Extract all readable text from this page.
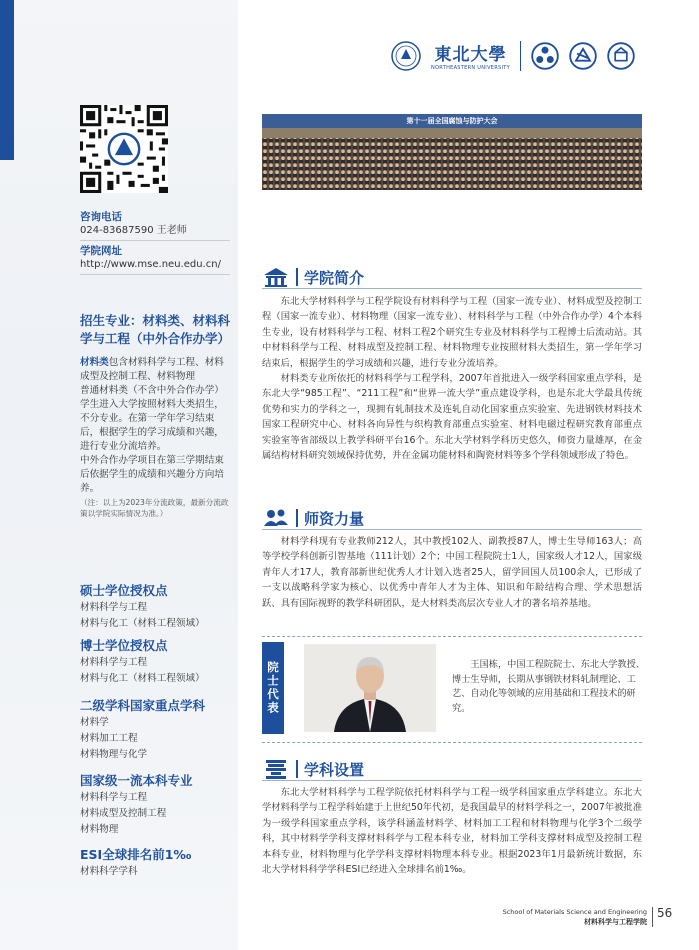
咨询电话
024-83687590 王老师
学院网址
http://www.mse.neu.edu.cn/
招生专业：材料类、材料科学与工程（中外合作办学）
材料类包含材料科学与工程、材料成型及控制工程、材料物理
普通材料类（不含中外合作办学）学生进入大学按照材料大类招生，不分专业。在第一学年学习结束后，根据学生的学习成绩和兴趣，进行专业分流培养。
中外合作办学项目在第三学期结束后依据学生的成绩和兴趣分方向培养。
（注：以上为2023年分流政策，最新分流政策以学院实际情况为准。）
硕士学位授权点
材料科学与工程
材料与化工（材料工程领域）
博士学位授权点
材料科学与工程
材料与化工（材料工程领域）
二级学科国家重点学科
材料学
材料加工工程
材料物理与化学
国家级一流本科专业
材料科学与工程
材料成型及控制工程
材料物理
ESI全球排名前1‰
材料科学学科
東北大學
NORTHEASTERN UNIVERSITY
第十一届全国腐蚀与防护大会
学院简介

东北大学材料科学与工程学院设有材料科学与工程（国家一流专业）、材料成型及控制工程（国家一流专业）、材料物理（国家一流专业）、材料科学与工程（中外合作办学）4个本科生专业，设有材料科学与工程、材料工程2个研究生专业及材料科学与工程博士后流动站。其中材料科学与工程、材料成型及控制工程、材料物理专业按照材料大类招生，第一学年学习结束后，根据学生的学习成绩和兴趣，进行专业分流培养。

材料类专业所依托的材料科学与工程学科，2007年首批进入一级学科国家重点学科，是东北大学“985工程”、“211工程”和“世界一流大学”重点建设学科，也是东北大学最具传统优势和实力的学科之一，现拥有轧制技术及连轧自动化国家重点实验室、先进钢铁材料技术国家工程研究中心、材料各向异性与织构教育部重点实验室、材料电磁过程研究教育部重点实验室等省部级以上教学科研平台16个。东北大学材料学科历史悠久，师资力量雄厚，在金属结构材料研究领域保持优势，并在金属功能材料和陶瓷材料等多个学科领域形成了特色。

师资力量

材料学科现有专业教师212人，其中教授102人、副教授87人，博士生导师163人；高等学校学科创新引智基地（111计划）2个；中国工程院院士1人，国家级人才12人，国家级青年人才17人，教育部新世纪优秀人才计划入选者25人，留学回国人员100余人，已形成了一支以战略科学家为核心、以优秀中青年人才为主体、知识和年龄结构合理、学术思想活跃、具有国际视野的教学科研团队，是大材料类高层次专业人才的著名培养基地。

院士代表	王国栋，中国工程院院士、东北大学教授、博士生导师，长期从事钢铁材料轧制理论、工艺、自动化等领域的应用基础和工程技术的研究。

学科设置

东北大学材料科学与工程学院依托材料科学与工程一级学科国家重点学科建立。东北大学材料科学与工程学科始建于上世纪50年代初，是我国最早的材料学科之一，2007年被批准为一级学科国家重点学科，该学科涵盖材料学、材料加工工程和材料物理与化学3个二级学科，其中材料学学科支撑材料科学与工程本科专业，材料加工学科支撑材料成型及控制工程本科专业，材料物理与化学学科支撑材料物理本科专业。根据2023年1月最新统计数据，东北大学材料科学学科ESI已经进入全球排名前1‰。

School of Materials Science and Engineering
材料科学与工程学院
56
